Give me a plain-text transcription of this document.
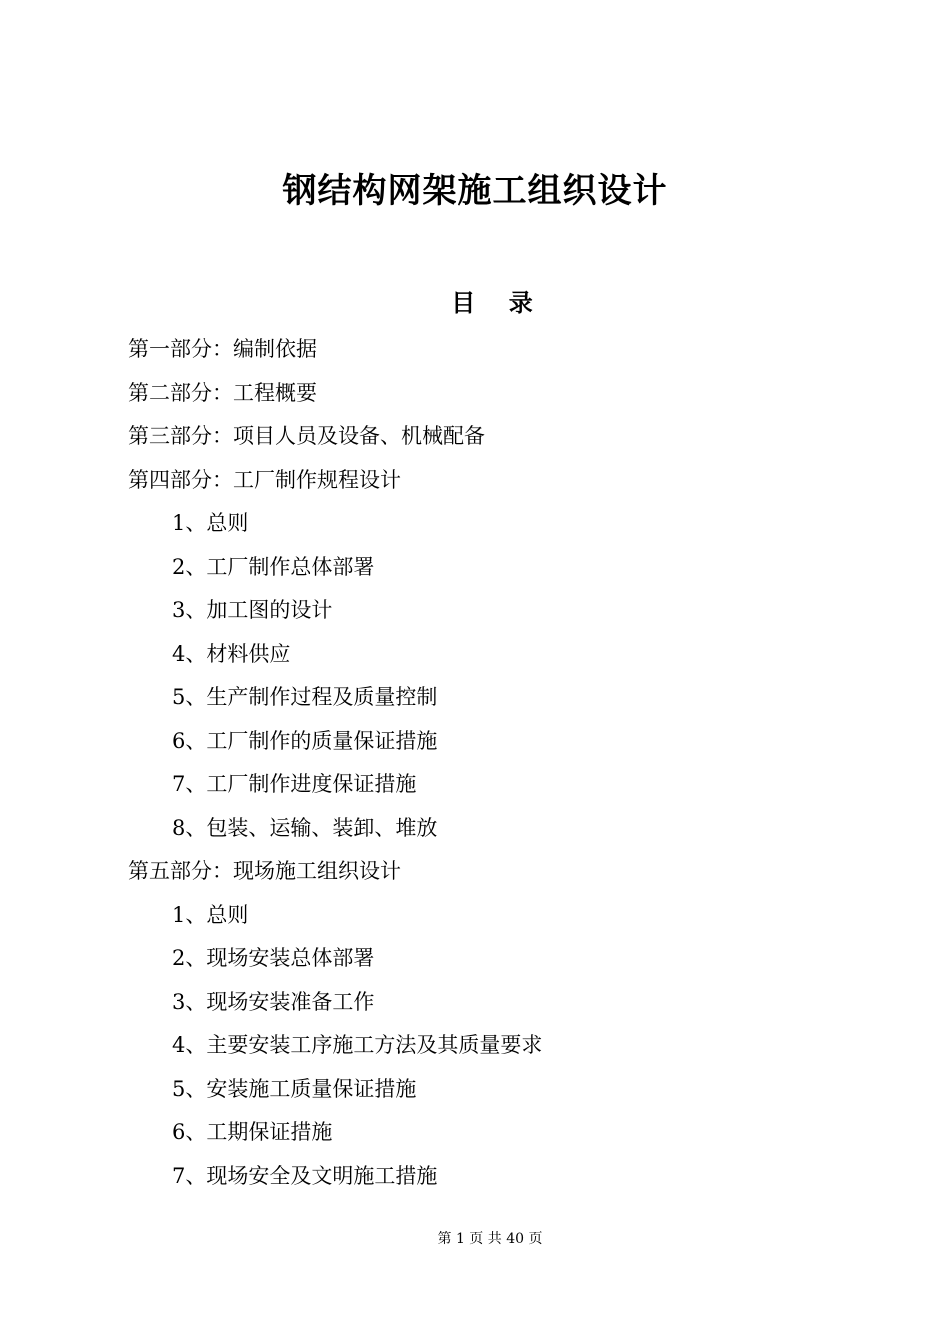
钢结构网架施工组织设计
目    录
第一部分：编制依据
第二部分：工程概要
第三部分：项目人员及设备、机械配备
第四部分：工厂制作规程设计
1、总则
2、工厂制作总体部署
3、加工图的设计
4、材料供应
5、生产制作过程及质量控制
6、工厂制作的质量保证措施
7、工厂制作进度保证措施
8、包装、运输、装卸、堆放
第五部分：现场施工组织设计
1、总则
2、现场安装总体部署
3、现场安装准备工作
4、主要安装工序施工方法及其质量要求
5、安装施工质量保证措施
6、工期保证措施
7、现场安全及文明施工措施
第 1 页 共 40 页
